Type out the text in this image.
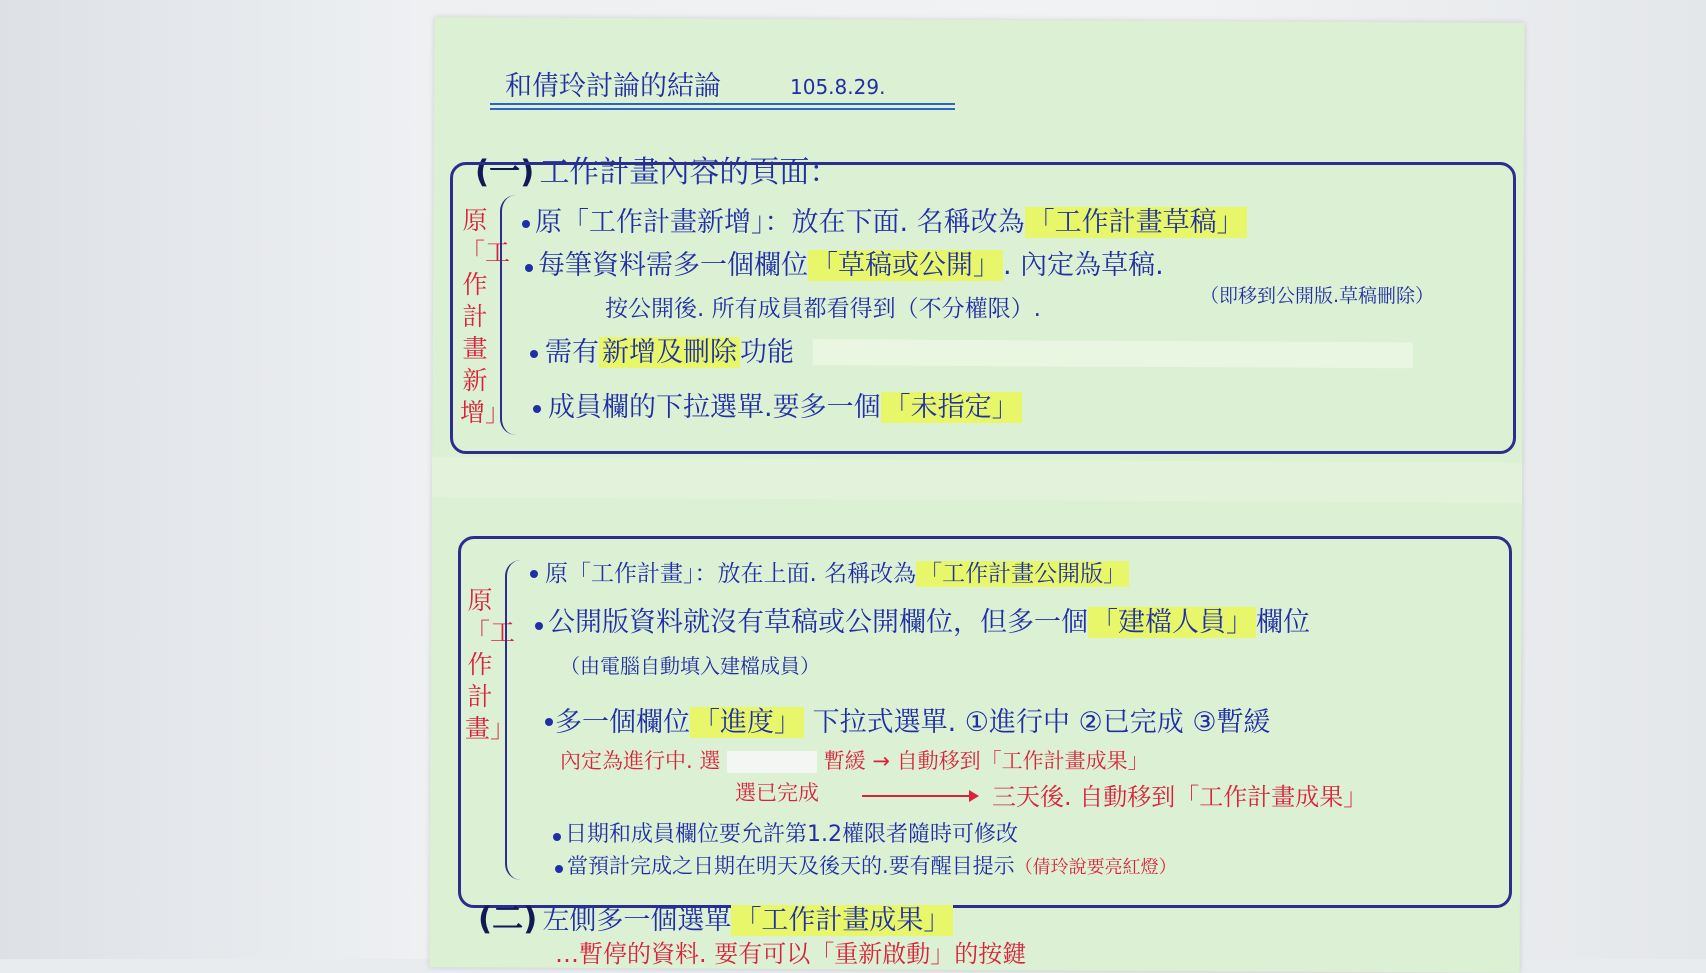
和倩玲討論的結論	105.8.29.
(一) 工作計畫內容的頁面：
原「工作計畫新增」
原「工作計畫新增」：放在下面. 名稱改為 「工作計畫草稿」
每筆資料需多一個欄位 「草稿或公開」 . 內定為草稿.
按公開後. 所有成員都看得到（不分權限）.	（即移到公開版.草稿刪除）
需有 新增及刪除 功能
成員欄的下拉選單.要多一個 「未指定」
原「工作計畫」
原「工作計畫」：放在上面. 名稱改為 「工作計畫公開版」
公開版資料就沒有草稿或公開欄位，但多一個 「建檔人員」 欄位
（由電腦自動填入建檔成員）
多一個欄位 「進度」 下拉式選單. ①進行中 ②已完成 ③暫緩
內定為進行中. 選	暫緩 → 自動移到「工作計畫成果」
選已完成	三天後. 自動移到「工作計畫成果」
日期和成員欄位要允許第1.2權限者隨時可修改
當預計完成之日期在明天及後天的.要有醒目提示（倩玲說要亮紅燈）
(二) 左側多一個選單 「工作計畫成果」
…暫停的資料. 要有可以「重新啟動」的按鍵
